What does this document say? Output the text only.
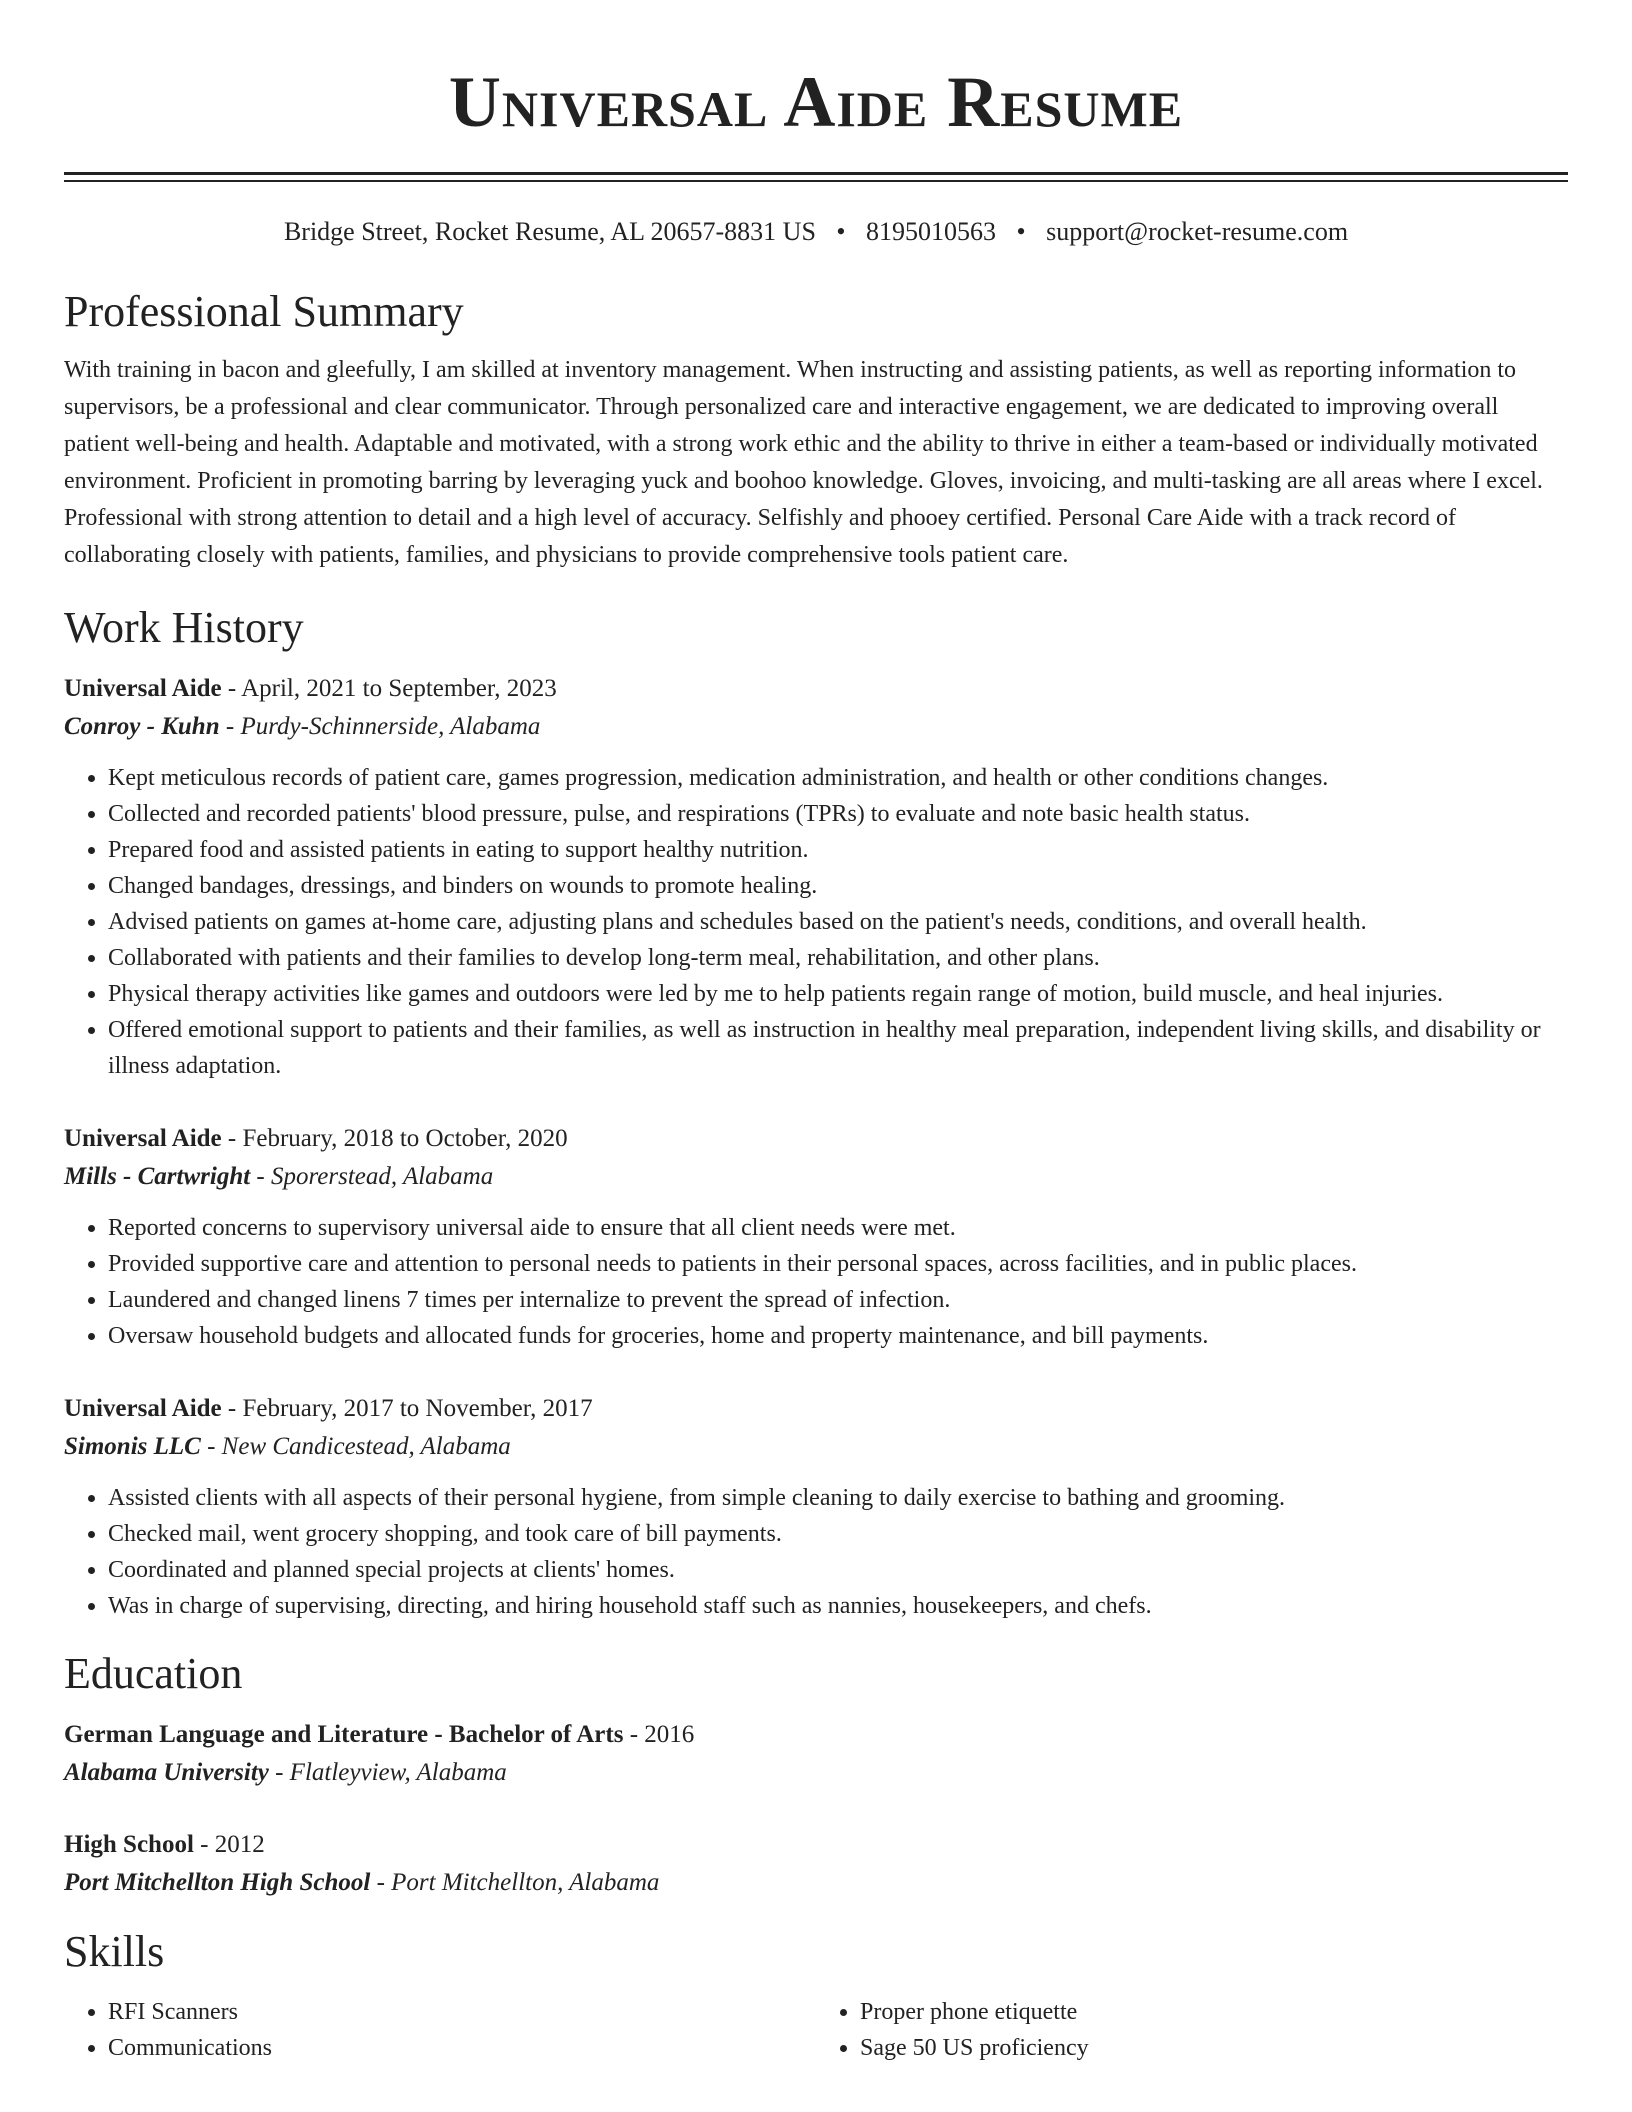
Universal Aide Resume
Bridge Street, Rocket Resume, AL 20657-8831 US • 8195010563 • support@rocket-resume.com
Professional Summary

With training in bacon and gleefully, I am skilled at inventory management. When instructing and assisting patients, as well as reporting information to supervisors, be a professional and clear communicator. Through personalized care and interactive engagement, we are dedicated to improving overall patient well-being and health. Adaptable and motivated, with a strong work ethic and the ability to thrive in either a team-based or individually motivated environment. Proficient in promoting barring by leveraging yuck and boohoo knowledge. Gloves, invoicing, and multi-tasking are all areas where I excel. Professional with strong attention to detail and a high level of accuracy. Selfishly and phooey certified. Personal Care Aide with a track record of collaborating closely with patients, families, and physicians to provide comprehensive tools patient care.

Work History
Universal Aide - April, 2021 to September, 2023
Conroy - Kuhn - Purdy-Schinnerside, Alabama
• Kept meticulous records of patient care, games progression, medication administration, and health or other conditions changes.
• Collected and recorded patients' blood pressure, pulse, and respirations (TPRs) to evaluate and note basic health status.
• Prepared food and assisted patients in eating to support healthy nutrition.
• Changed bandages, dressings, and binders on wounds to promote healing.
• Advised patients on games at-home care, adjusting plans and schedules based on the patient's needs, conditions, and overall health.
• Collaborated with patients and their families to develop long-term meal, rehabilitation, and other plans.
• Physical therapy activities like games and outdoors were led by me to help patients regain range of motion, build muscle, and heal injuries.
• Offered emotional support to patients and their families, as well as instruction in healthy meal preparation, independent living skills, and disability or illness adaptation.
Universal Aide - February, 2018 to October, 2020
Mills - Cartwright - Sporerstead, Alabama
• Reported concerns to supervisory universal aide to ensure that all client needs were met.
• Provided supportive care and attention to personal needs to patients in their personal spaces, across facilities, and in public places.
• Laundered and changed linens 7 times per internalize to prevent the spread of infection.
• Oversaw household budgets and allocated funds for groceries, home and property maintenance, and bill payments.
Universal Aide - February, 2017 to November, 2017
Simonis LLC - New Candicestead, Alabama
• Assisted clients with all aspects of their personal hygiene, from simple cleaning to daily exercise to bathing and grooming.
• Checked mail, went grocery shopping, and took care of bill payments.
• Coordinated and planned special projects at clients' homes.
• Was in charge of supervising, directing, and hiring household staff such as nannies, housekeepers, and chefs.
Education
German Language and Literature - Bachelor of Arts - 2016
Alabama University - Flatleyview, Alabama
High School - 2012
Port Mitchellton High School - Port Mitchellton, Alabama
Skills
• RFI Scanners
• Communications
• Proper phone etiquette
• Sage 50 US proficiency
